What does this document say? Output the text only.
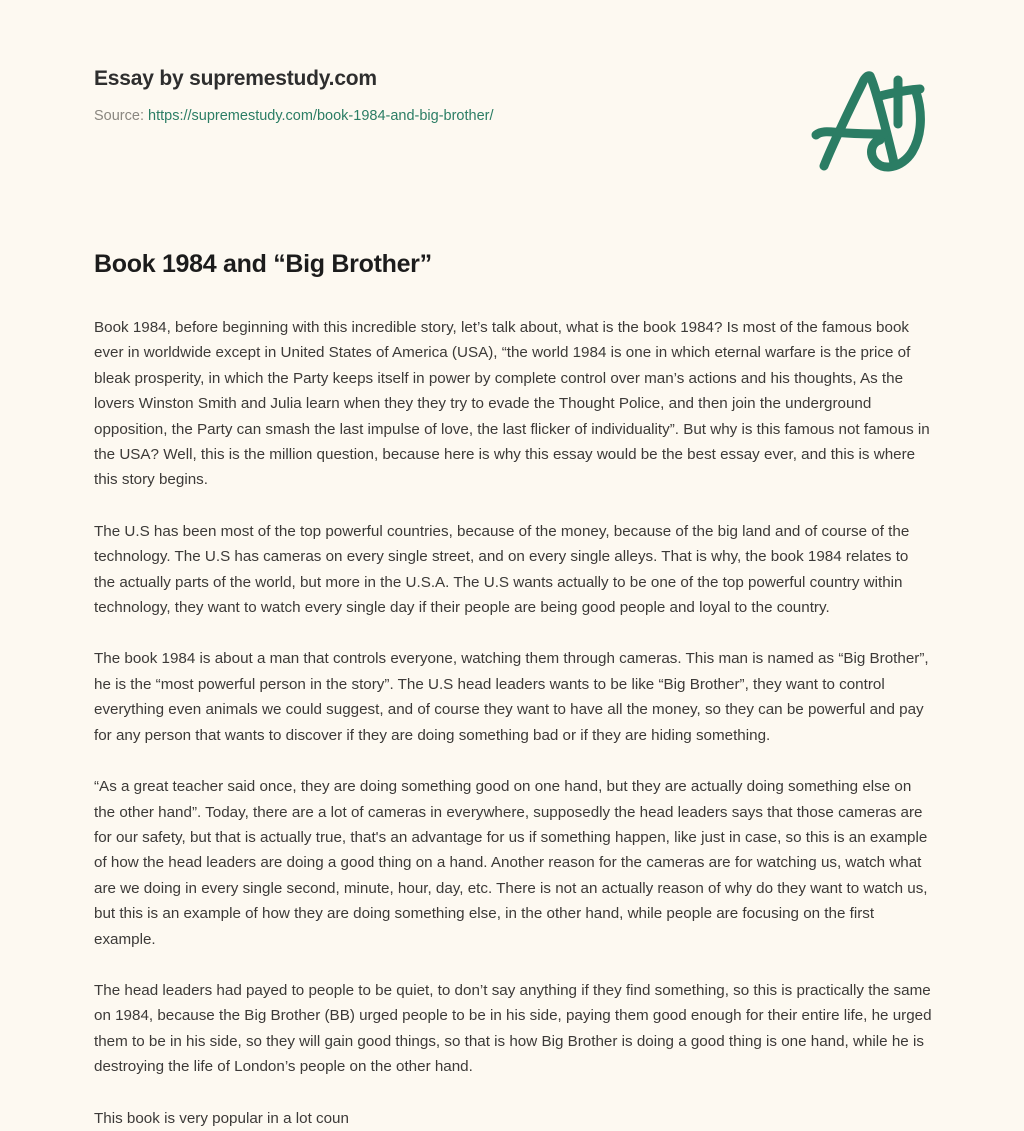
Essay by supremestudy.com
Source: https://supremestudy.com/book-1984-and-big-brother/
Book 1984 and “Big Brother”

Book 1984, before beginning with this incredible story, let’s talk about, what is the book 1984? Is most of the famous book ever in worldwide except in United States of America (USA), “the world 1984 is one in which eternal warfare is the price of bleak prosperity, in which the Party keeps itself in power by complete control over man’s actions and his thoughts, As the lovers Winston Smith and Julia learn when they they try to evade the Thought Police, and then join the underground opposition, the Party can smash the last impulse of love, the last flicker of individuality”. But why is this famous not famous in the USA? Well, this is the million question, because here is why this essay would be the best essay ever, and this is where this story begins.

The U.S has been most of the top powerful countries, because of the money, because of the big land and of course of the technology. The U.S has cameras on every single street, and on every single alleys. That is why, the book 1984 relates to the actually parts of the world, but more in the U.S.A. The U.S wants actually to be one of the top powerful country within technology, they want to watch every single day if their people are being good people and loyal to the country.

The book 1984 is about a man that controls everyone, watching them through cameras. This man is named as “Big Brother”, he is the “most powerful person in the story”. The U.S head leaders wants to be like “Big Brother”, they want to control everything even animals we could suggest, and of course they want to have all the money, so they can be powerful and pay for any person that wants to discover if they are doing something bad or if they are hiding something.

“As a great teacher said once, they are doing something good on one hand, but they are actually doing something else on the other hand”. Today, there are a lot of cameras in everywhere, supposedly the head leaders says that those cameras are for our safety, but that is actually true, that's an advantage for us if something happen, like just in case, so this is an example of how the head leaders are doing a good thing on a hand. Another reason for the cameras are for watching us, watch what are we doing in every single second, minute, hour, day, etc. There is not an actually reason of why do they want to watch us, but this is an example of how they are doing something else, in the other hand, while people are focusing on the first example.

The head leaders had payed to people to be quiet, to don’t say anything if they find something, so this is practically the same on 1984, because the Big Brother (BB) urged people to be in his side, paying them good enough for their entire life, he urged them to be in his side, so they will gain good things, so that is how Big Brother is doing a good thing is one hand, while he is destroying the life of London’s people on the other hand.

This book is very popular in a lot coun
